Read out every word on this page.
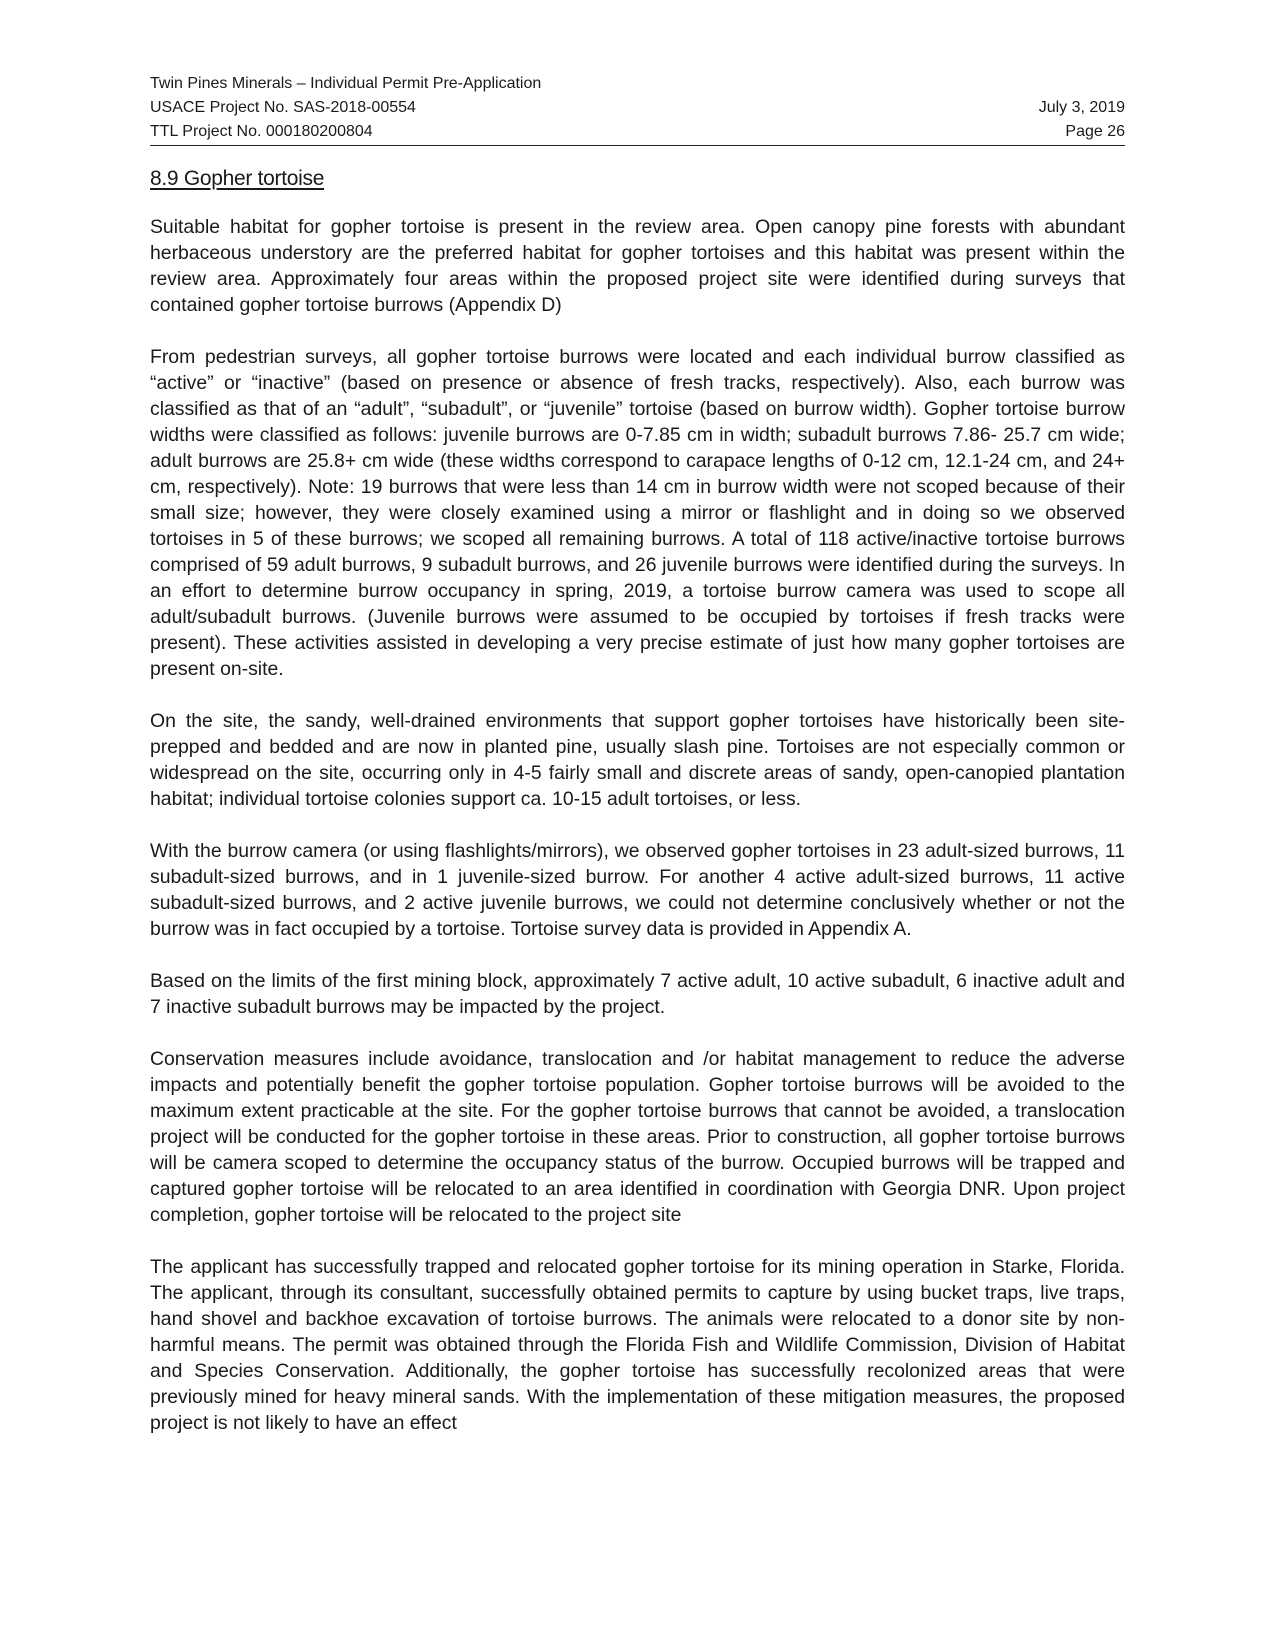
Twin Pines Minerals – Individual Permit Pre-Application
USACE Project No. SAS-2018-00554	July 3, 2019
TTL Project No. 000180200804	Page 26
8.9 Gopher tortoise

Suitable habitat for gopher tortoise is present in the review area. Open canopy pine forests with abundant herbaceous understory are the preferred habitat for gopher tortoises and this habitat was present within the review area. Approximately four areas within the proposed project site were identified during surveys that contained gopher tortoise burrows (Appendix D)

From pedestrian surveys, all gopher tortoise burrows were located and each individual burrow classified as “active” or “inactive” (based on presence or absence of fresh tracks, respectively). Also, each burrow was classified as that of an “adult”, “subadult”, or “juvenile” tortoise (based on burrow width). Gopher tortoise burrow widths were classified as follows: juvenile burrows are 0-7.85 cm in width; subadult burrows 7.86- 25.7 cm wide; adult burrows are 25.8+ cm wide (these widths correspond to carapace lengths of 0-12 cm, 12.1-24 cm, and 24+ cm, respectively). Note: 19 burrows that were less than 14 cm in burrow width were not scoped because of their small size; however, they were closely examined using a mirror or flashlight and in doing so we observed tortoises in 5 of these burrows; we scoped all remaining burrows. A total of 118 active/inactive tortoise burrows comprised of 59 adult burrows, 9 subadult burrows, and 26 juvenile burrows were identified during the surveys. In an effort to determine burrow occupancy in spring, 2019, a tortoise burrow camera was used to scope all adult/subadult burrows. (Juvenile burrows were assumed to be occupied by tortoises if fresh tracks were present). These activities assisted in developing a very precise estimate of just how many gopher tortoises are present on-site.

On the site, the sandy, well-drained environments that support gopher tortoises have historically been site-prepped and bedded and are now in planted pine, usually slash pine. Tortoises are not especially common or widespread on the site, occurring only in 4-5 fairly small and discrete areas of sandy, open-canopied plantation habitat; individual tortoise colonies support ca. 10-15 adult tortoises, or less.

With the burrow camera (or using flashlights/mirrors), we observed gopher tortoises in 23 adult-sized burrows, 11 subadult-sized burrows, and in 1 juvenile-sized burrow. For another 4 active adult-sized burrows, 11 active subadult-sized burrows, and 2 active juvenile burrows, we could not determine conclusively whether or not the burrow was in fact occupied by a tortoise. Tortoise survey data is provided in Appendix A.

Based on the limits of the first mining block, approximately 7 active adult, 10 active subadult, 6 inactive adult and 7 inactive subadult burrows may be impacted by the project.

Conservation measures include avoidance, translocation and /or habitat management to reduce the adverse impacts and potentially benefit the gopher tortoise population. Gopher tortoise burrows will be avoided to the maximum extent practicable at the site. For the gopher tortoise burrows that cannot be avoided, a translocation project will be conducted for the gopher tortoise in these areas. Prior to construction, all gopher tortoise burrows will be camera scoped to determine the occupancy status of the burrow. Occupied burrows will be trapped and captured gopher tortoise will be relocated to an area identified in coordination with Georgia DNR. Upon project completion, gopher tortoise will be relocated to the project site

The applicant has successfully trapped and relocated gopher tortoise for its mining operation in Starke, Florida. The applicant, through its consultant, successfully obtained permits to capture by using bucket traps, live traps, hand shovel and backhoe excavation of tortoise burrows. The animals were relocated to a donor site by non-harmful means. The permit was obtained through the Florida Fish and Wildlife Commission, Division of Habitat and Species Conservation. Additionally, the gopher tortoise has successfully recolonized areas that were previously mined for heavy mineral sands. With the implementation of these mitigation measures, the proposed project is not likely to have an effect
